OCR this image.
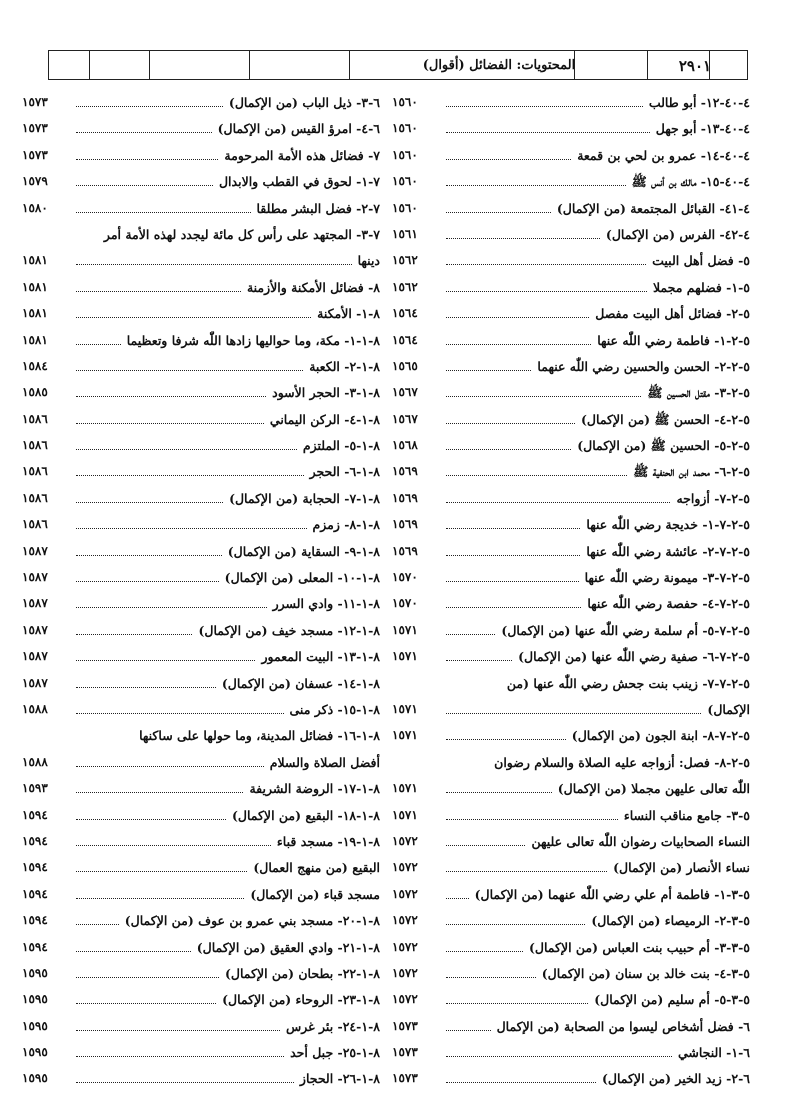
المحتويات: الفضائل (أقوال)	٢٩٠١
٤-٤٠-١٢- أبو طالب
١٥٦٠
٤-٤٠-١٣- أبو جهل
١٥٦٠
٤-٤٠-١٤- عمرو بن لحي بن قمعة
١٥٦٠
٤-٤٠-١٥- مالك بن أنس ﷺ
١٥٦٠
٤-٤١- القبائل المجتمعة (من الإكمال)
١٥٦٠
٤-٤٢- الفرس (من الإكمال)
١٥٦١
٥- فضل أهل البيت
١٥٦٢
٥-١- فضلهم مجملا
١٥٦٢
٥-٢- فضائل أهل البيت مفصل
١٥٦٤
٥-٢-١- فاطمة رضي اللّٰه عنها
١٥٦٤
٥-٢-٢- الحسن والحسين رضي اللّٰه عنهما
١٥٦٥
٥-٢-٣- مقتل الحسين ﷺ
١٥٦٧
٥-٢-٤- الحسن ﷺ (من الإكمال)
١٥٦٧
٥-٢-٥- الحسين ﷺ (من الإكمال)
١٥٦٨
٥-٢-٦- محمد ابن الحنفية ﷺ
١٥٦٩
٥-٢-٧- أزواجه
١٥٦٩
٥-٢-٧-١- خديجة رضي اللّٰه عنها
١٥٦٩
٥-٢-٧-٢- عائشة رضي اللّٰه عنها
١٥٦٩
٥-٢-٧-٣- ميمونة رضي اللّٰه عنها
١٥٧٠
٥-٢-٧-٤- حفصة رضي اللّٰه عنها
١٥٧٠
٥-٢-٧-٥- أم سلمة رضي اللّٰه عنها (من الإكمال)
١٥٧١
٥-٢-٧-٦- صفية رضي اللّٰه عنها (من الإكمال)
١٥٧١
٥-٢-٧-٧- زينب بنت جحش رضي اللّٰه عنها (من
الإكمال)
١٥٧١
٥-٢-٧-٨- ابنة الجون (من الإكمال)
١٥٧١
٥-٢-٨- فصل: أزواجه عليه الصلاة والسلام رضوان
اللّٰه تعالى عليهن مجملا (من الإكمال)
١٥٧١
٥-٣- جامع مناقب النساء
١٥٧١
النساء الصحابيات رضوان اللّٰه تعالى عليهن
١٥٧٢
نساء الأنصار (من الإكمال)
١٥٧٢
٥-٣-١- فاطمة أم علي رضي اللّٰه عنهما (من الإكمال)
١٥٧٢
٥-٣-٢- الرميصاء (من الإكمال)
١٥٧٢
٥-٣-٣- أم حبيب بنت العباس (من الإكمال)
١٥٧٢
٥-٣-٤- بنت خالد بن سنان (من الإكمال)
١٥٧٢
٥-٣-٥- أم سليم (من الإكمال)
١٥٧٢
٦- فضل أشخاص ليسوا من الصحابة (من الإكمال
١٥٧٣
٦-١- النجاشي
١٥٧٣
٦-٢- زيد الخير (من الإكمال)
١٥٧٣
٦-٣- ذيل الباب (من الإكمال)
١٥٧٣
٦-٤- امرؤ القيس (من الإكمال)
١٥٧٣
٧- فضائل هذه الأمة المرحومة
١٥٧٣
٧-١- لحوق في القطب والابدال
١٥٧٩
٧-٢- فضل البشر مطلقا
١٥٨٠
٧-٣- المجتهد على رأس كل مائة ليجدد لهذه الأمة أمر
دينها
١٥٨١
٨- فضائل الأمكنة والأزمنة
١٥٨١
٨-١- الأمكنة
١٥٨١
٨-١-١- مكة، وما حواليها زادها اللّٰه شرفا وتعظيما
١٥٨١
٨-١-٢- الكعبة
١٥٨٤
٨-١-٣- الحجر الأسود
١٥٨٥
٨-١-٤- الركن اليماني
١٥٨٦
٨-١-٥- الملتزم
١٥٨٦
٨-١-٦- الحجر
١٥٨٦
٨-١-٧- الحجابة (من الإكمال)
١٥٨٦
٨-١-٨- زمزم
١٥٨٦
٨-١-٩- السقاية (من الإكمال)
١٥٨٧
٨-١-١٠- المعلى (من الإكمال)
١٥٨٧
٨-١-١١- وادي السرر
١٥٨٧
٨-١-١٢- مسجد خيف (من الإكمال)
١٥٨٧
٨-١-١٣- البيت المعمور
١٥٨٧
٨-١-١٤- عسفان (من الإكمال)
١٥٨٧
٨-١-١٥- ذكر منى
١٥٨٨
٨-١-١٦- فضائل المدينة، وما حولها على ساكنها
أفضل الصلاة والسلام
١٥٨٨
٨-١-١٧- الروضة الشريفة
١٥٩٣
٨-١-١٨- البقيع (من الإكمال)
١٥٩٤
٨-١-١٩- مسجد قباء
١٥٩٤
البقيع (من منهج العمال)
١٥٩٤
مسجد قباء (من الإكمال)
١٥٩٤
٨-١-٢٠- مسجد بني عمرو بن عوف (من الإكمال)
١٥٩٤
٨-١-٢١- وادي العقيق (من الإكمال)
١٥٩٤
٨-١-٢٢- بطحان (من الإكمال)
١٥٩٥
٨-١-٢٣- الروحاء (من الإكمال)
١٥٩٥
٨-١-٢٤- بئر غرس
١٥٩٥
٨-١-٢٥- جبل أحد
١٥٩٥
٨-١-٢٦- الحجاز
١٥٩٥
